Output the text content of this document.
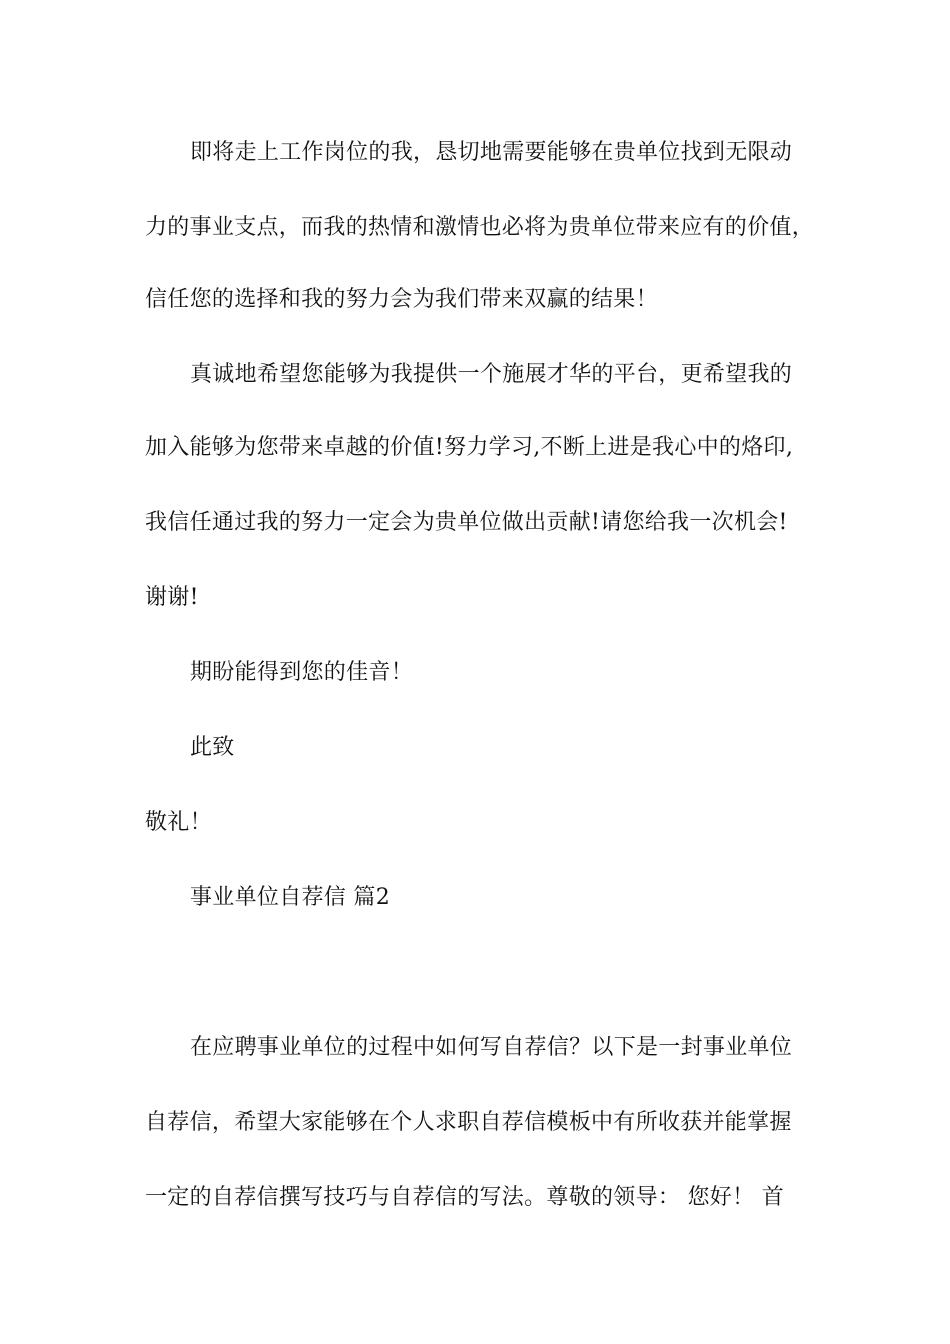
即将走上工作岗位的我，恳切地需要能够在贵单位找到无限动
力的事业支点，而我的热情和激情也必将为贵单位带来应有的价值，
信任您的选择和我的努力会为我们带来双赢的结果！
真诚地希望您能够为我提供一个施展才华的平台，更希望我的
加入能够为您带来卓越的价值!努力学习,不断上进是我心中的烙印,
我信任通过我的努力一定会为贵单位做出贡献!请您给我一次机会!
谢谢!
期盼能得到您的佳音！
此致
敬礼！
事业单位自荐信 篇2
在应聘事业单位的过程中如何写自荐信？以下是一封事业单位
自荐信，希望大家能够在个人求职自荐信模板中有所收获并能掌握
一定的自荐信撰写技巧与自荐信的写法。尊敬的领导： 您好！ 首
